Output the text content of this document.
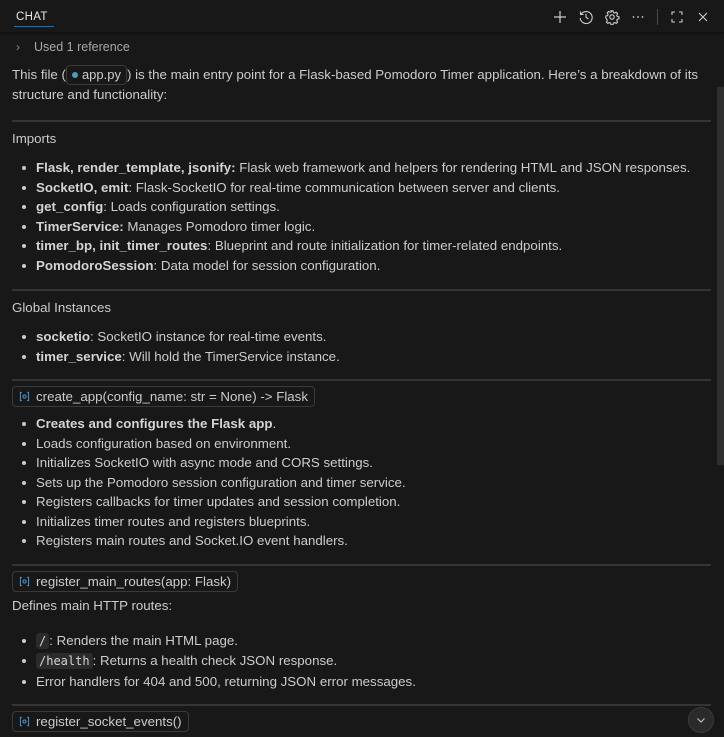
CHAT
›	Used 1 reference

This file ( app.py ) is the main entry point for a Flask-based Pomodoro Timer application. Here’s a breakdown of its structure and functionality:

Imports
Flask, render_template, jsonify: Flask web framework and helpers for rendering HTML and JSON responses.
SocketIO, emit: Flask-SocketIO for real-time communication between server and clients.
get_config: Loads configuration settings.
TimerService: Manages Pomodoro timer logic.
timer_bp, init_timer_routes: Blueprint and route initialization for timer-related endpoints.
PomodoroSession: Data model for session configuration.
Global Instances
socketio: SocketIO instance for real-time events.
timer_service: Will hold the TimerService instance.
create_app(config_name: str = None) -> Flask
Creates and configures the Flask app.
Loads configuration based on environment.
Initializes SocketIO with async mode and CORS settings.
Sets up the Pomodoro session configuration and timer service.
Registers callbacks for timer updates and session completion.
Initializes timer routes and registers blueprints.
Registers main routes and Socket.IO event handlers.
register_main_routes(app: Flask)

Defines main HTTP routes:

/ : Renders the main HTML page.
/health : Returns a health check JSON response.
Error handlers for 404 and 500, returning JSON error messages.
register_socket_events()
